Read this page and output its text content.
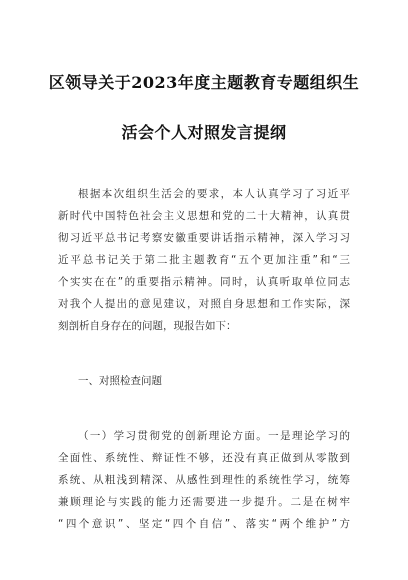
区领导关于2023年度主题教育专题组织生
活会个人对照发言提纲
根据本次组织生活会的要求，本人认真学习了习近平
新时代中国特色社会主义思想和党的二十大精神，认真贯
彻习近平总书记考察安徽重要讲话指示精神，深入学习习
近平总书记关于第二批主题教育“五个更加注重”和“三
个实实在在”的重要指示精神。同时，认真听取单位同志
对我个人提出的意见建议，对照自身思想和工作实际，深
刻剖析自身存在的问题，现报告如下：
一、对照检查问题
（一）学习贯彻党的创新理论方面。一是理论学习的
全面性、系统性、辩证性不够，还没有真正做到从零散到
系统、从粗浅到精深、从感性到理性的系统性学习，统筹
兼顾理论与实践的能力还需要进一步提升。二是在树牢
“四个意识”、坚定“四个自信”、落实“两个维护”方
